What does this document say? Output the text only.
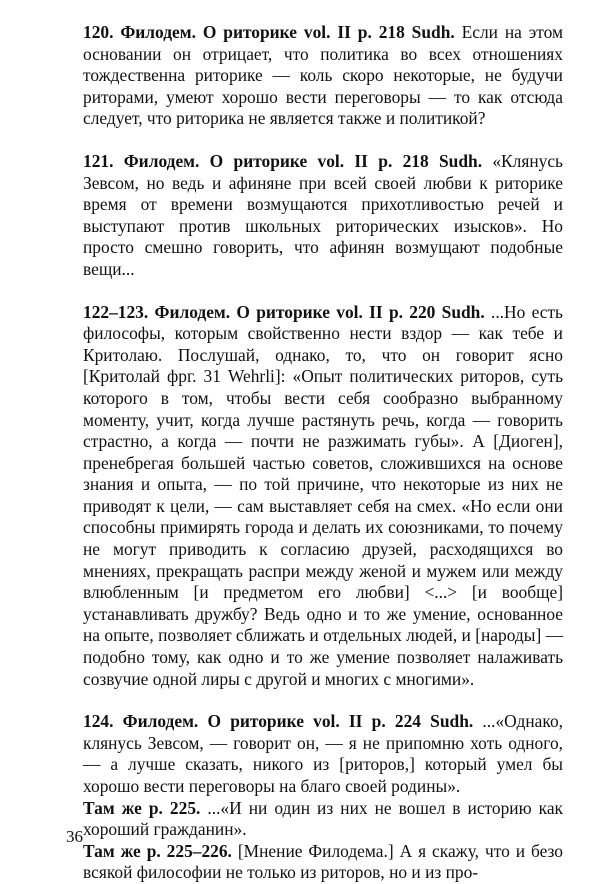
120. Филодем. О риторике vol. II p. 218 Sudh. Если на этом основании он отрицает, что политика во всех отношениях тождественна риторике — коль скоро некоторые, не будучи риторами, умеют хорошо вести переговоры — то как отсюда следует, что риторика не является также и политикой?

121. Филодем. О риторике vol. II p. 218 Sudh. «Клянусь Зевсом, но ведь и афиняне при всей своей любви к риторике время от времени возмущаются прихотливостью речей и выступают против школьных риторических изысков». Но просто смешно говорить, что афинян возмущают подобные вещи...

122–123. Филодем. О риторике vol. II p. 220 Sudh. ...Но есть философы, которым свойственно нести вздор — как тебе и Критолаю. Послушай, однако, то, что он говорит ясно [Критолай фрг. 31 Wehrli]: «Опыт политических риторов, суть которого в том, чтобы вести себя сообразно выбранному моменту, учит, когда лучше растянуть речь, когда — говорить страстно, а когда — почти не разжимать губы». А [Диоген], пренебрегая большей частью советов, сложившихся на основе знания и опыта, — по той причине, что некоторые из них не приводят к цели, — сам выставляет себя на смех. «Но если они способны примирять города и делать их союзниками, то почему не могут приводить к согласию друзей, расходящихся во мнениях, прекращать распри между женой и мужем или между влюбленным [и предметом его любви] <...> [и вообще] устанавливать дружбу? Ведь одно и то же умение, основанное на опыте, позволяет сближать и отдельных людей, и [народы] — подобно тому, как одно и то же умение позволяет налаживать созвучие одной лиры с другой и многих с многими».

124. Филодем. О риторике vol. II p. 224 Sudh. ...«Однако, клянусь Зевсом, — говорит он, — я не припомню хоть одного, — а лучше сказать, никого из [риторов,] который умел бы хорошо вести переговоры на благо своей родины».

Там же p. 225. ...«И ни один из них не вошел в историю как хороший гражданин».

Там же p. 225–226. [Мнение Филодема.] А я скажу, что и безо всякой философии не только из риторов, но и из про-

36
